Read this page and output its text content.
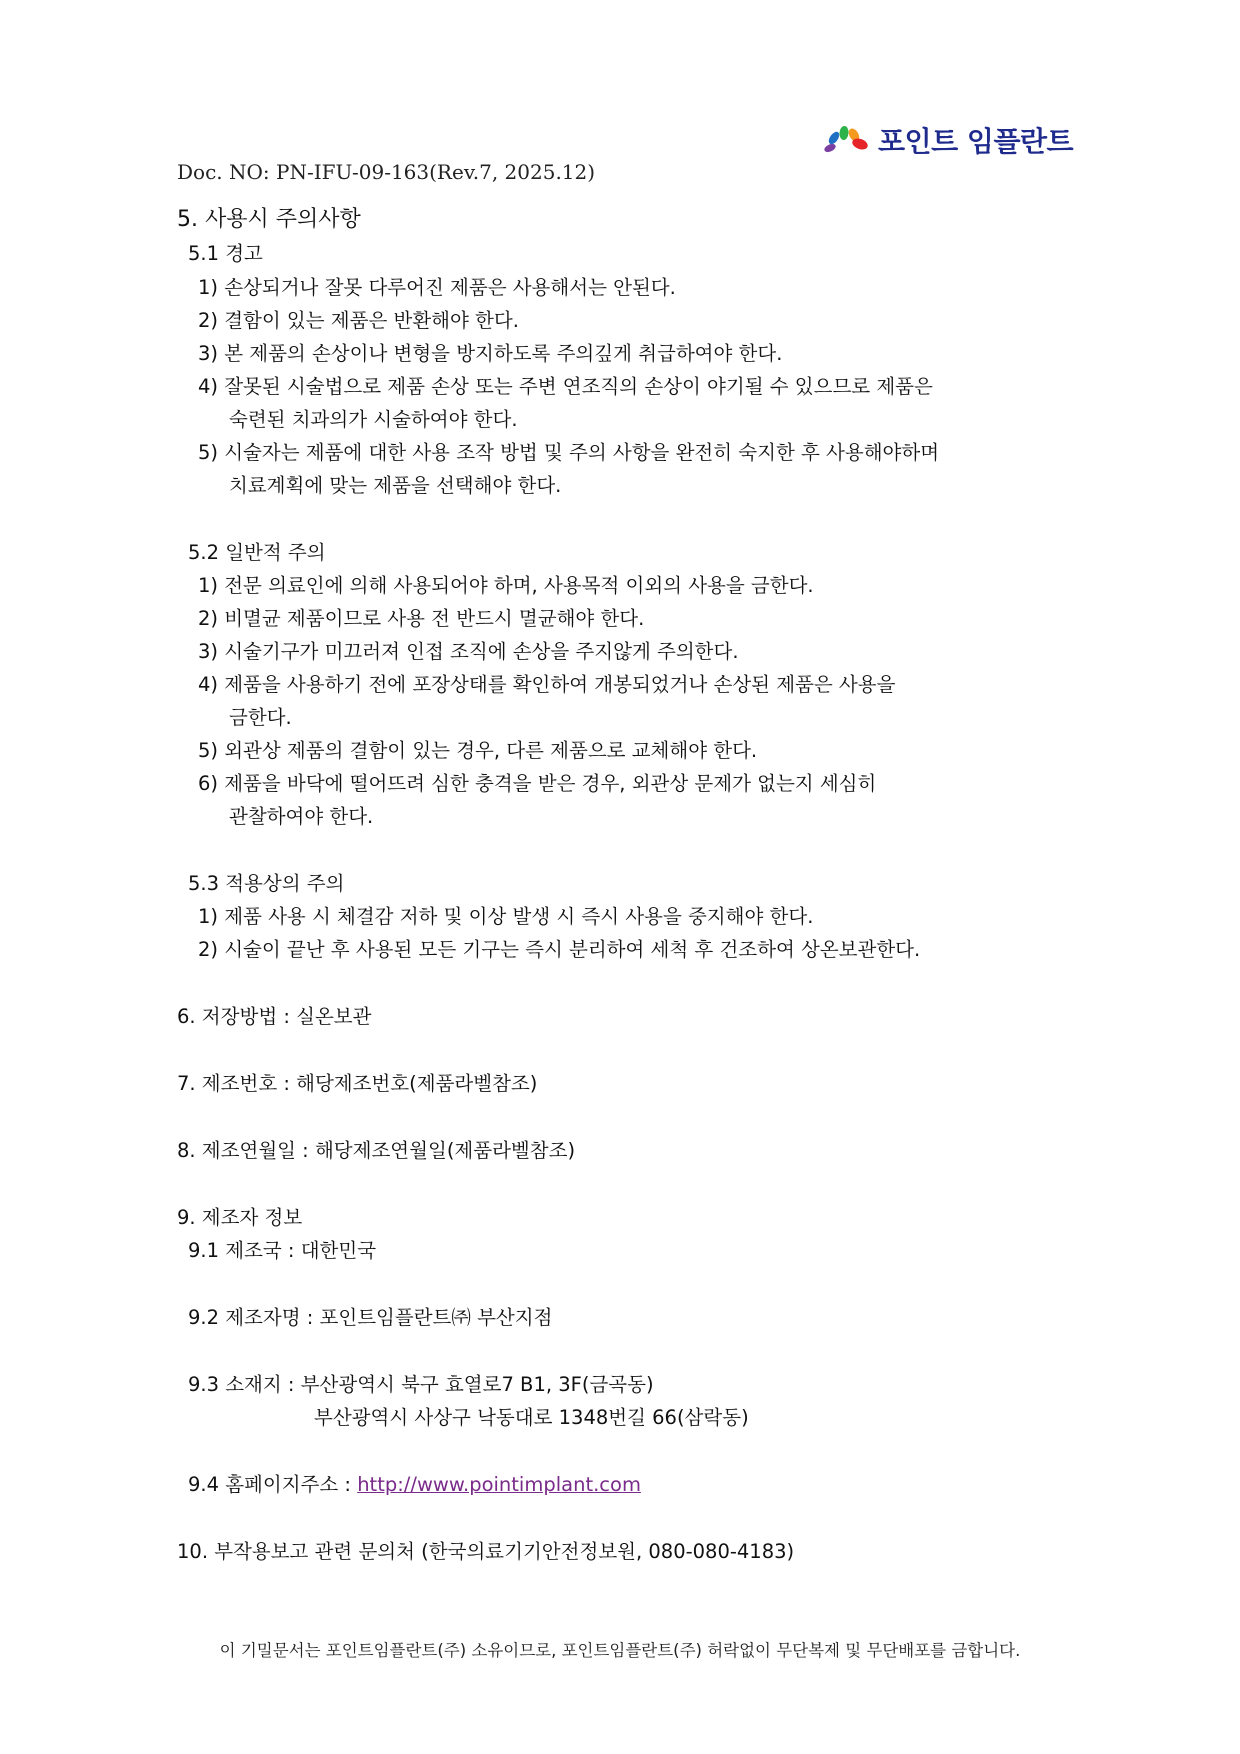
포인트 임플란트
Doc. NO: PN-IFU-09-163(Rev.7, 2025.12)
5. 사용시 주의사항
5.1 경고
1) 손상되거나 잘못 다루어진 제품은 사용해서는 안된다.
2) 결함이 있는 제품은 반환해야 한다.
3) 본 제품의 손상이나 변형을 방지하도록 주의깊게 취급하여야 한다.
4) 잘못된 시술법으로 제품 손상 또는 주변 연조직의 손상이 야기될 수 있으므로 제품은
숙련된 치과의가 시술하여야 한다.
5) 시술자는 제품에 대한 사용 조작 방법 및 주의 사항을 완전히 숙지한 후 사용해야하며
치료계획에 맞는 제품을 선택해야 한다.
5.2 일반적 주의
1) 전문 의료인에 의해 사용되어야 하며, 사용목적 이외의 사용을 금한다.
2) 비멸균 제품이므로 사용 전 반드시 멸균해야 한다.
3) 시술기구가 미끄러져 인접 조직에 손상을 주지않게 주의한다.
4) 제품을 사용하기 전에 포장상태를 확인하여 개봉되었거나 손상된 제품은 사용을
금한다.
5) 외관상 제품의 결함이 있는 경우, 다른 제품으로 교체해야 한다.
6) 제품을 바닥에 떨어뜨려 심한 충격을 받은 경우, 외관상 문제가 없는지 세심히
관찰하여야 한다.
5.3 적용상의 주의
1) 제품 사용 시 체결감 저하 및 이상 발생 시 즉시 사용을 중지해야 한다.
2) 시술이 끝난 후 사용된 모든 기구는 즉시 분리하여 세척 후 건조하여 상온보관한다.
6. 저장방법 : 실온보관
7. 제조번호 : 해당제조번호(제품라벨참조)
8. 제조연월일 : 해당제조연월일(제품라벨참조)
9. 제조자 정보
9.1 제조국 : 대한민국
9.2 제조자명 : 포인트임플란트㈜ 부산지점
9.3 소재지 : 부산광역시 북구 효열로7 B1, 3F(금곡동)
부산광역시 사상구 낙동대로 1348번길 66(삼락동)
9.4 홈페이지주소 : http://www.pointimplant.com
10. 부작용보고 관련 문의처 (한국의료기기안전정보원, 080-080-4183)
이 기밀문서는 포인트임플란트(주) 소유이므로, 포인트임플란트(주) 허락없이 무단복제 및 무단배포를 금합니다.
